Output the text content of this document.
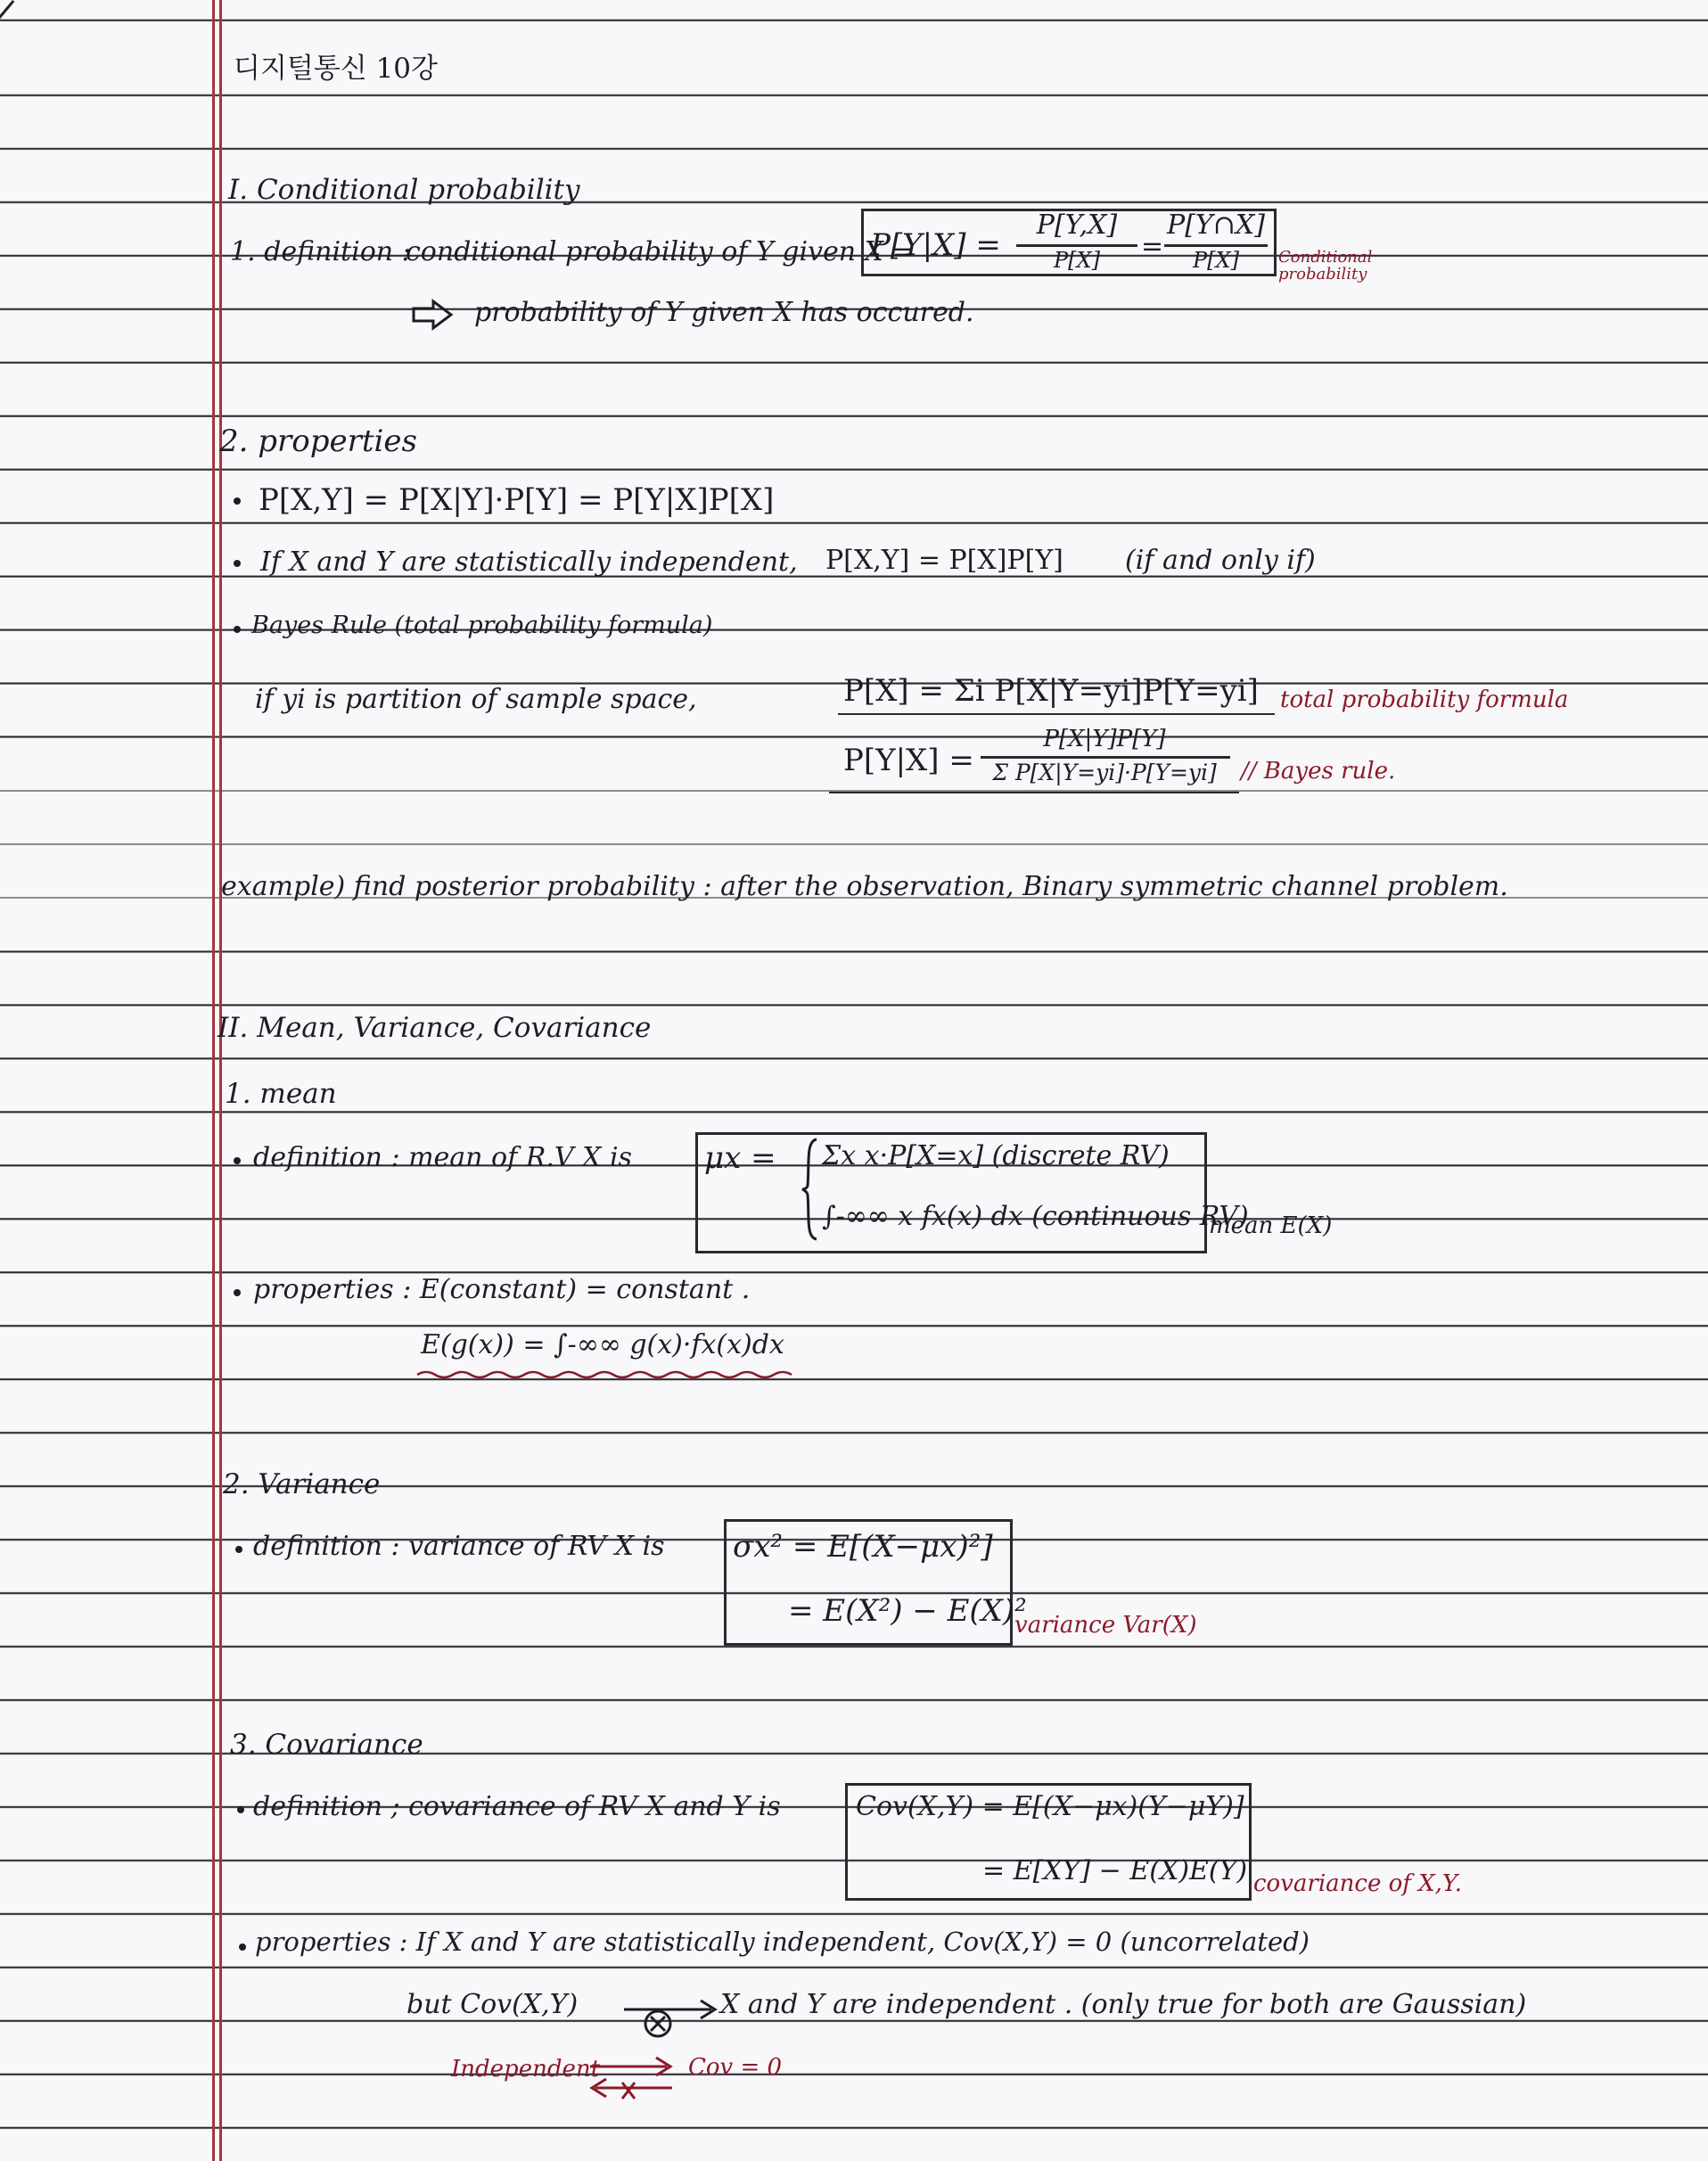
디지털통신 10강
I. Conditional probability
1. definition :
conditional probability of Y given X =
P[Y|X] =
P[Y,X]
P[X]	=
P[Y∩X]
P[X]	Conditional probability
probability of Y given X has occured.
2. properties
P[X,Y] = P[X|Y]·P[Y] = P[Y|X]P[X]
If X and Y are statistically independent, P[X,Y] = P[X]P[Y] (if and only if)
Bayes Rule (total probability formula)
if yi is partition of sample space,	P[X] = Σi P[X|Y=yi]P[Y=yi] total probability formula
P[Y|X] =
P[X|Y]P[Y]
Σ P[X|Y=yi]·P[Y=yi]	// Bayes rule.
example) find posterior probability : after the observation, Binary symmetric channel problem.
II. Mean, Variance, Covariance
1. mean
definition : mean of R.V X is μx = Σx x·P[X=x] (discrete RV)
∫-∞∞ x fx(x) dx (continuous RV)
mean E(X)
properties : E(constant) = constant .
E(g(x)) = ∫-∞∞ g(x)·fx(x)dx
2. Variance
definition : variance of RV X is σx² = E[(X−μx)²]
= E(X²) − E(X)²
variance Var(X)
3. Covariance
definition ; covariance of RV X and Y is	Cov(X,Y) = E[(X−μx)(Y−μY)]
= E[XY] − E(X)E(Y) covariance of X,Y.
properties : If X and Y are statistically independent, Cov(X,Y) = 0 (uncorrelated)
but Cov(X,Y)	X and Y are independent . (only true for both are Gaussian)
Independent	Cov = 0
